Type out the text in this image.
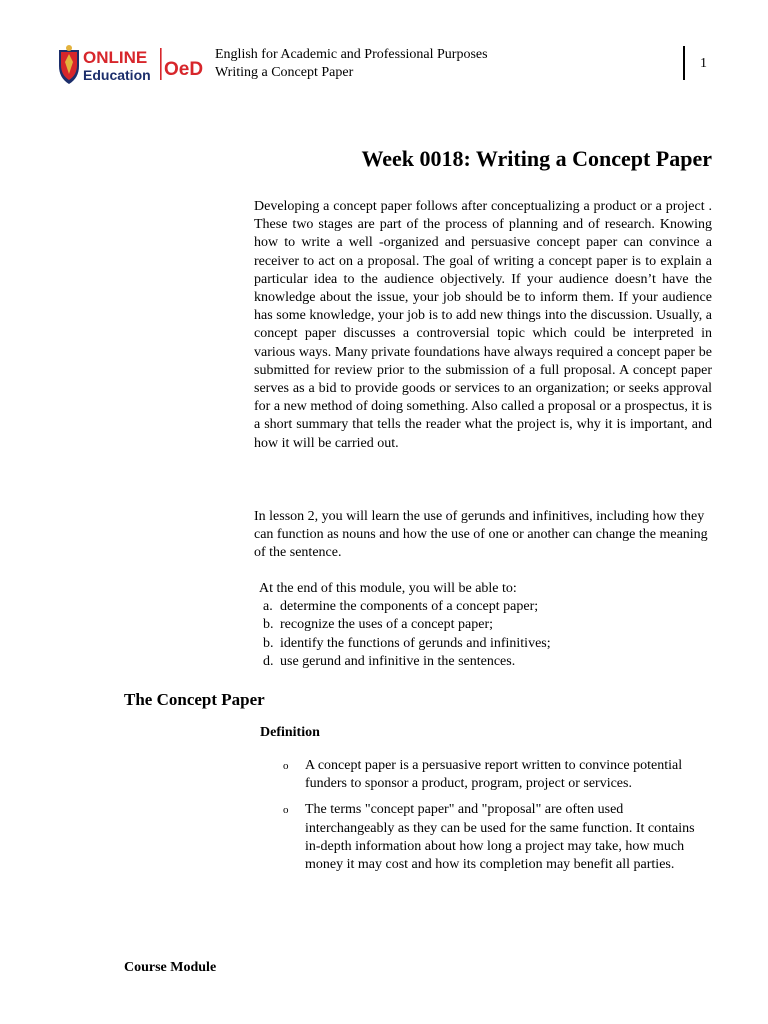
ONLINE
Education OeD
English for Academic and Professional Purposes
Writing a Concept Paper
1
Week 0018: Writing a Concept Paper

Developing a concept paper follows after conceptualizing a product or a project . These two stages are part of the process of planning and of research. Knowing how to write a well -organized and persuasive concept paper can convince a receiver to act on a proposal. The goal of writing a concept paper is to explain a particular idea to the audience objectively. If your audience doesn’t have the knowledge about the issue, your job should be to inform them. If your audience has some knowledge, your job is to add new things into the discussion. Usually, a concept paper discusses a controversial topic which could be interpreted in various ways. Many private foundations have always required a concept paper be submitted for review prior to the submission of a full proposal. A concept paper serves as a bid to provide goods or services to an organization; or seeks approval for a new method of doing something. Also called a proposal or a prospectus, it is a short summary that tells the reader what the project is, why it is important, and how it will be carried out.

In lesson 2, you will learn the use of gerunds and infinitives, including how they can function as nouns and how the use of one or another can change the meaning of the sentence.

At the end of this module, you will be able to:

a. determine the components of a concept paper;
b. recognize the uses of a concept paper;
b. identify the functions of gerunds and infinitives;
d. use gerund and infinitive in the sentences.
The Concept Paper
Definition
o	A concept paper is a persuasive report written to convince potential funders to sponsor a product, program, project or services.
o	The terms "concept paper" and "proposal" are often used interchangeably as they can be used for the same function. It contains in-depth information about how long a project may take, how much money it may cost and how its completion may benefit all parties.
Course Module
